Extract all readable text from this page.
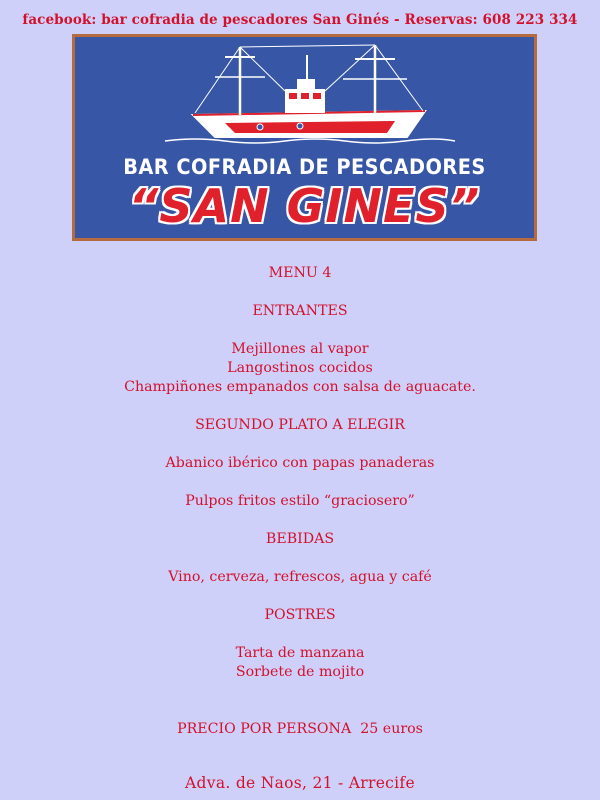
facebook: bar cofradia de pescadores San Ginés - Reservas: 608 223 334
BAR COFRADIA DE PESCADORES
“SAN GINES”

MENU 4

ENTRANTES

Mejillones al vapor

Langostinos cocidos

Champiñones empanados con salsa de aguacate.

SEGUNDO PLATO A ELEGIR

Abanico ibérico con papas panaderas

Pulpos fritos estilo “graciosero”

BEBIDAS

Vino, cerveza, refrescos, agua y café

POSTRES

Tarta de manzana

Sorbete de mojito

PRECIO POR PERSONA  25 euros

Adva. de Naos, 21 - Arrecife
